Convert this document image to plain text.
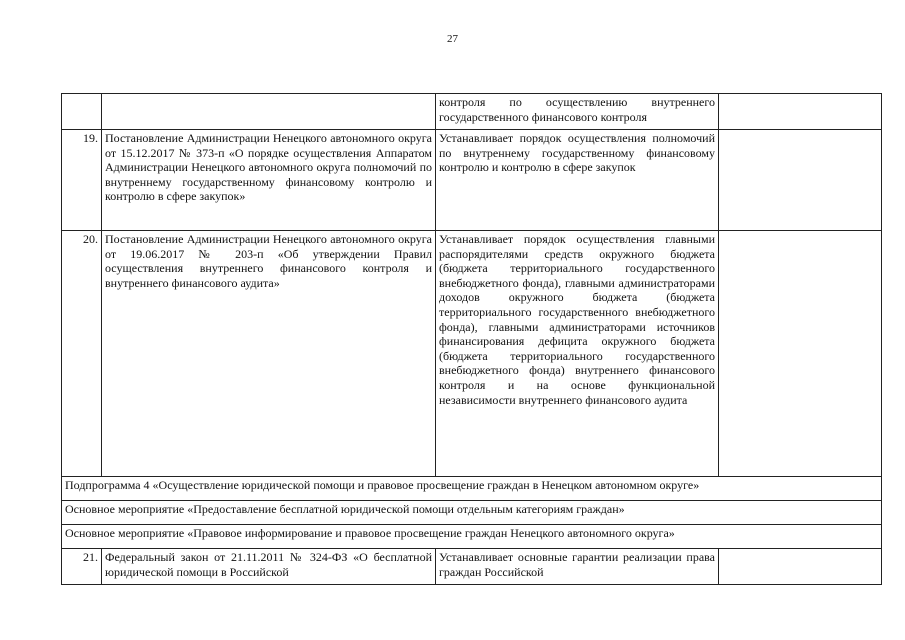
27
		контроля по осуществлению внутреннего государственного финансового контроля	
19.	Постановление Администрации Ненецкого автономного округа от 15.12.2017 № 373-п «О порядке осуществления Аппаратом Администрации Ненецкого автономного округа полномочий по внутреннему государственному финансовому контролю и контролю в сфере закупок»	Устанавливает порядок осуществления полномочий по внутреннему государственному финансовому контролю и контролю в сфере закупок	
20.	Постановление Администрации Ненецкого автономного округа от 19.06.2017 № 203-п «Об утверждении Правил осуществления внутреннего финансового контроля и внутреннего финансового аудита»	Устанавливает порядок осуществления главными распорядителями средств окружного бюджета (бюджета территориального государственного внебюджетного фонда), главными администраторами доходов окружного бюджета (бюджета территориального государственного внебюджетного фонда), главными администраторами источников финансирования дефицита окружного бюджета (бюджета территориального государственного внебюджетного фонда) внутреннего финансового контроля и на основе функциональной независимости внутреннего финансового аудита	
Подпрограмма 4 «Осуществление юридической помощи и правовое просвещение граждан в Ненецком автономном округе»			
Основное мероприятие «Предоставление бесплатной юридической помощи отдельным категориям граждан»			
Основное мероприятие «Правовое информирование и правовое просвещение граждан Ненецкого автономного округа»			
21.	Федеральный закон от 21.11.2011 № 324-ФЗ «О бесплатной юридической помощи в Российской	Устанавливает основные гарантии реализации права граждан Российской	
